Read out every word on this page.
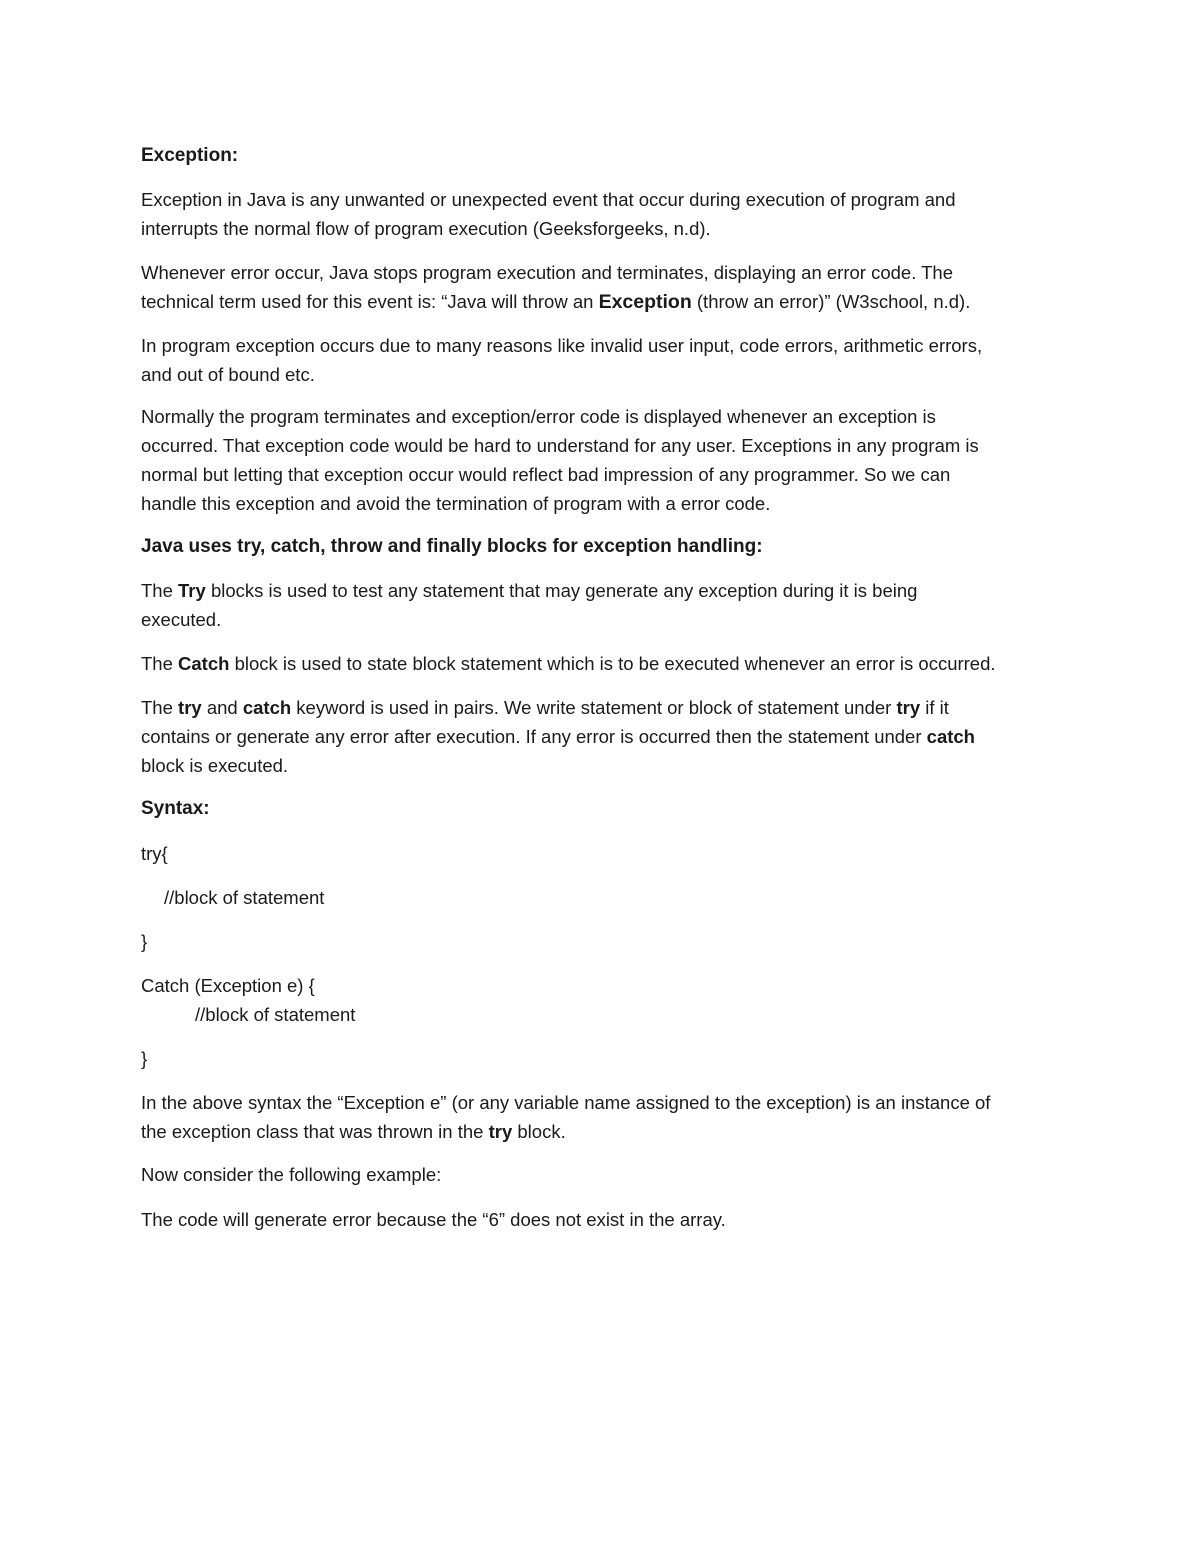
Exception:
Exception in Java is any unwanted or unexpected event that occur during execution of program and
interrupts the normal flow of program execution (Geeksforgeeks, n.d).
Whenever error occur, Java stops program execution and terminates, displaying an error code. The
technical term used for this event is: “Java will throw an Exception (throw an error)” (W3school, n.d).
In program exception occurs due to many reasons like invalid user input, code errors, arithmetic errors,
and out of bound etc.
Normally the program terminates and exception/error code is displayed whenever an exception is
occurred. That exception code would be hard to understand for any user. Exceptions in any program is
normal but letting that exception occur would reflect bad impression of any programmer. So we can
handle this exception and avoid the termination of program with a error code.
Java uses try, catch, throw and finally blocks for exception handling:
The Try blocks is used to test any statement that may generate any exception during it is being
executed.
The Catch block is used to state block statement which is to be executed whenever an error is occurred.
The try and catch keyword is used in pairs. We write statement or block of statement under try if it
contains or generate any error after execution. If any error is occurred then the statement under catch
block is executed.
Syntax:
try{
//block of statement
}
Catch (Exception e) {
//block of statement
}
In the above syntax the “Exception e” (or any variable name assigned to the exception) is an instance of
the exception class that was thrown in the try block.
Now consider the following example:
The code will generate error because the “6” does not exist in the array.
